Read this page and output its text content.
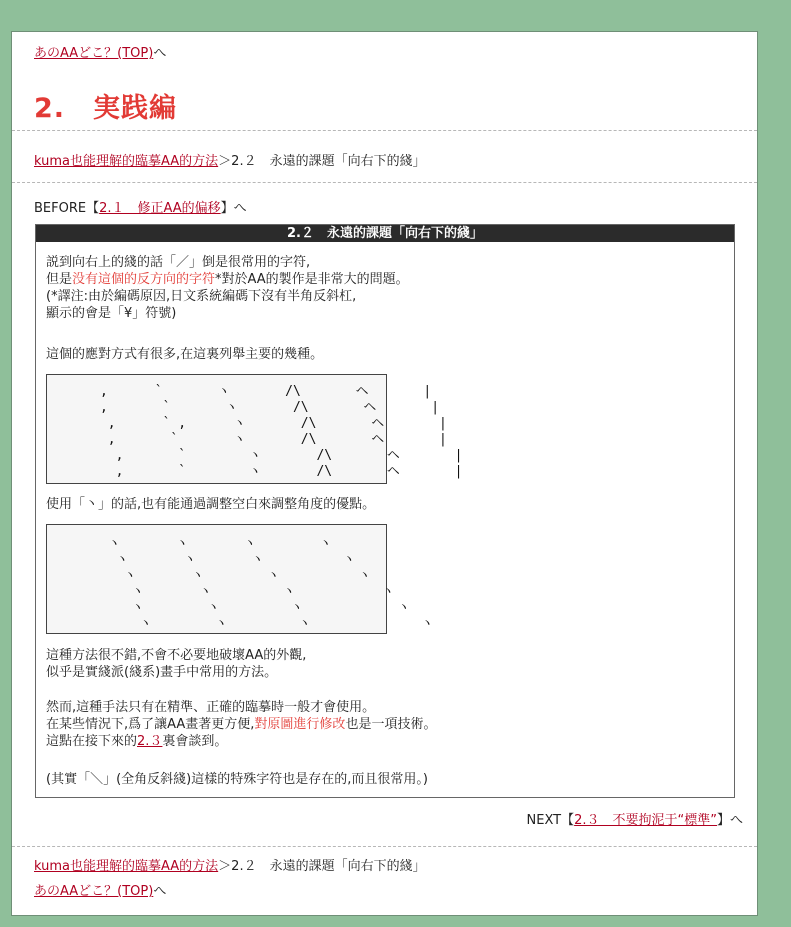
あのAAどこ？(TOP)へ
2.　実践編
kuma也能理解的臨摹AA的方法＞2.２　永遠的課題「向右下的綫」
BEFORE【2.１　修正AA的偏移】へ
2.２　永遠的課題「向右下的綫」
説到向右上的綫的話「／」倒是很常用的字符,
但是没有這個的反方向的字符*對於AA的製作是非常大的問題。
(*譯注:由於編碼原因,日文系統編碼下沒有半角反斜杠,
顯示的會是「¥」符號)
這個的應對方式有很多,在這裏列舉主要的幾種。
,      `       ヽ       /\       ヘ       |
,       `       ヽ       /\       ヘ       |
,      ` ,      ヽ       /\       ヘ       |
,       `       ヽ       /\       ヘ       |
,       `        ヽ       /\       ヘ       |
,       `        ヽ       /\       ヘ       |
使用「丶」的話,也有能通過調整空白來調整角度的優點。
ヽ       ヽ       ヽ        ヽ
ヽ       ヽ       ヽ          ヽ
ヽ       ヽ        ヽ          ヽ
ヽ       ヽ         ヽ           ヽ
ヽ        ヽ         ヽ            ヽ
ヽ        ヽ         ヽ              ヽ
這種方法很不錯,不會不必要地破壞AA的外觀,
似乎是實綫派(綫系)畫手中常用的方法。
然而,這種手法只有在精準、正確的臨摹時一般才會使用。
在某些情況下,爲了讓AA畫著更方便,對原圖進行修改也是一項技術。
這點在接下來的2.３裏會談到。
(其實「＼」(全角反斜綫)這樣的特殊字符也是存在的,而且很常用。)
NEXT【2.３　不要拘泥于“標準”】へ
kuma也能理解的臨摹AA的方法＞2.２　永遠的課題「向右下的綫」
あのAAどこ？(TOP)へ
